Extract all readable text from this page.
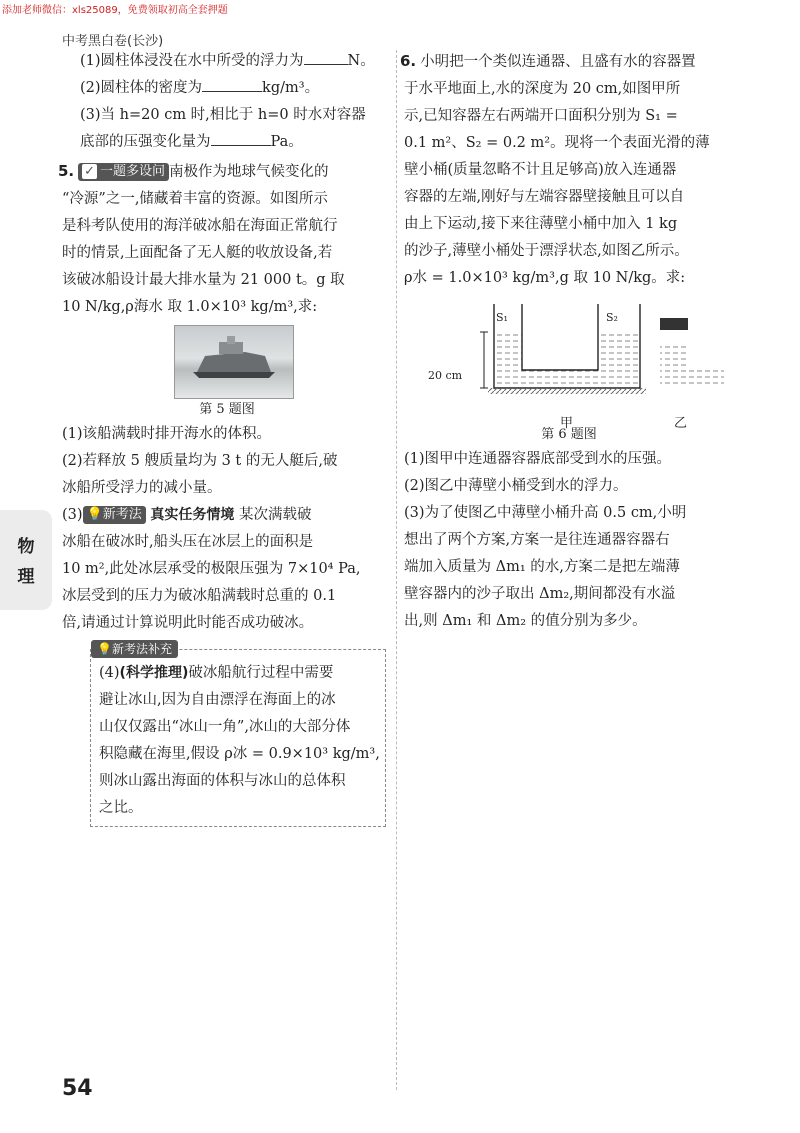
添加老师微信：xls25089，免费领取初高全套押题
中考黑白卷(长沙)
(1)圆柱体浸没在水中所受的浮力为	N。
(2)圆柱体的密度为	kg/m³。
(3)当 h=20 cm 时,相比于 h=0 时水对容器
底部的压强变化量为	Pa。
5. ✓ 一题多设问 南极作为地球气候变化的
“冷源”之一,储藏着丰富的资源。如图所示
是科考队使用的海洋破冰船在海面正常航行
时的情景,上面配备了无人艇的收放设备,若
该破冰船设计最大排水量为 21 000 t。g 取
10 N/kg,ρ海水 取 1.0×10³ kg/m³,求:
第 5 题图
(1)该船满载时排开海水的体积。
(2)若释放 5 艘质量均为 3 t 的无人艇后,破
冰船所受浮力的减小量。
(3) 💡新考法 真实任务情境 某次满载破
冰船在破冰时,船头压在冰层上的面积是
10 m²,此处冰层承受的极限压强为 7×10⁴ Pa,
冰层受到的压力为破冰船满载时总重的 0.1
倍,请通过计算说明此时能否成功破冰。
💡新考法补充
(4)(科学推理)破冰船航行过程中需要
避让冰山,因为自由漂浮在海面上的冰
山仅仅露出“冰山一角”,冰山的大部分体
积隐藏在海里,假设 ρ冰 = 0.9×10³ kg/m³,
则冰山露出海面的体积与冰山的总体积
之比。
6. 小明把一个类似连通器、且盛有水的容器置
于水平地面上,水的深度为 20 cm,如图甲所
示,已知容器左右两端开口面积分别为 S₁ =
0.1 m²、S₂ = 0.2 m²。现将一个表面光滑的薄
壁小桶(质量忽略不计且足够高)放入连通器
容器的左端,刚好与左端容器壁接触且可以自
由上下运动,接下来往薄壁小桶中加入 1 kg
的沙子,薄壁小桶处于漂浮状态,如图乙所示。
ρ水 = 1.0×10³ kg/m³,g 取 10 N/kg。求:
S₁	S₂
20 cm
甲	乙
第 6 题图
(1)图甲中连通器容器底部受到水的压强。
(2)图乙中薄壁小桶受到水的浮力。
(3)为了使图乙中薄壁小桶升高 0.5 cm,小明
想出了两个方案,方案一是往连通器容器右
端加入质量为 Δm₁ 的水,方案二是把左端薄
壁容器内的沙子取出 Δm₂,期间都没有水溢
出,则 Δm₁ 和 Δm₂ 的值分别为多少。
物
理
54
